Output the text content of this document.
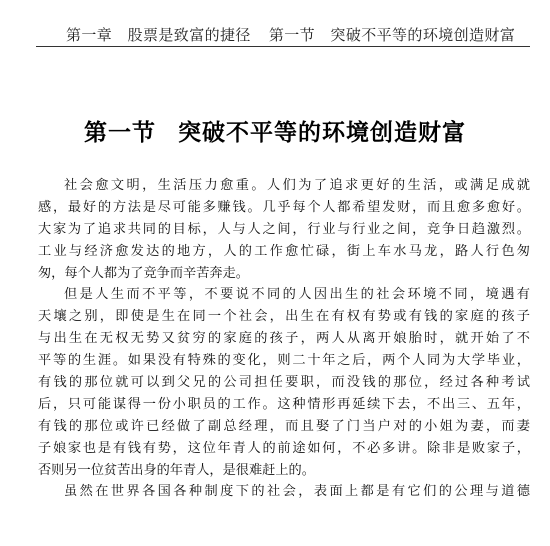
第一章　股票是致富的捷径 第一节　突破不平等的环境创造财富
第一节 突破不平等的环境创造财富
社会愈文明，生活压力愈重。人们为了追求更好的生活，或满足成就
感，最好的方法是尽可能多赚钱。几乎每个人都希望发财，而且愈多愈好。
大家为了追求共同的目标，人与人之间，行业与行业之间，竞争日趋激烈。
工业与经济愈发达的地方，人的工作愈忙碌，街上车水马龙，路人行色匆
匆，每个人都为了竞争而辛苦奔走。
但是人生而不平等，不要说不同的人因出生的社会环境不同，境遇有
天壤之别，即使是生在同一个社会，出生在有权有势或有钱的家庭的孩子
与出生在无权无势又贫穷的家庭的孩子，两人从离开娘胎时，就开始了不
平等的生涯。如果没有特殊的变化，则二十年之后，两个人同为大学毕业，
有钱的那位就可以到父兄的公司担任要职，而没钱的那位，经过各种考试
后，只可能谋得一份小职员的工作。这种情形再延续下去，不出三、五年，
有钱的那位或许已经做了副总经理，而且娶了门当户对的小姐为妻，而妻
子娘家也是有钱有势，这位年青人的前途如何，不必多讲。除非是败家子，
否则另一位贫苦出身的年青人，是很难赶上的。
虽然在世界各国各种制度下的社会，表面上都是有它们的公理与道德
